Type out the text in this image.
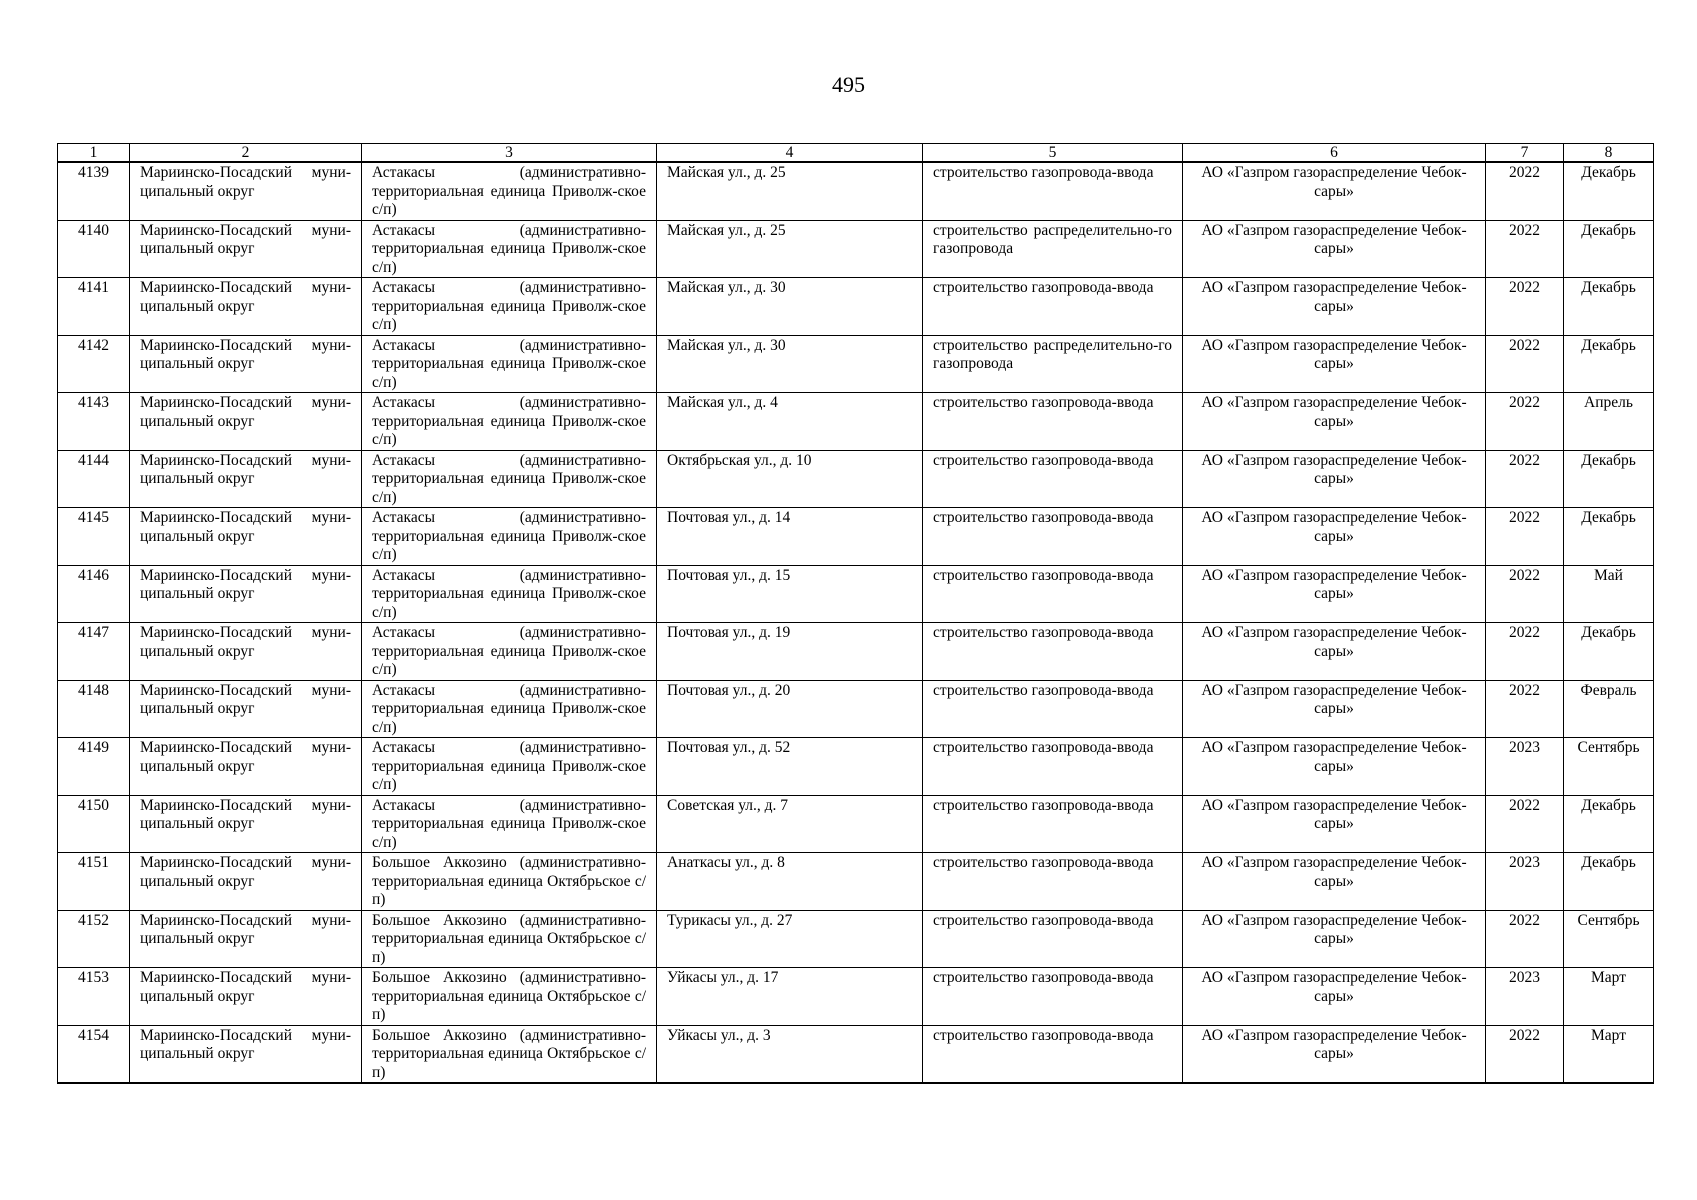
495
1	2	3	4	5	6	7	8
4139	Мариинско-Посадский муни-ципальный округ	Астакасы (административно-территориальная единица Приволж-ское с/п)	Майская ул., д. 25	строительство газопровода-ввода	АО «Газпром газораспределение Чебок-сары»	2022	Декабрь
4140	Мариинско-Посадский муни-ципальный округ	Астакасы (административно-территориальная единица Приволж-ское с/п)	Майская ул., д. 25	строительство распределительно-го газопровода	АО «Газпром газораспределение Чебок-сары»	2022	Декабрь
4141	Мариинско-Посадский муни-ципальный округ	Астакасы (административно-территориальная единица Приволж-ское с/п)	Майская ул., д. 30	строительство газопровода-ввода	АО «Газпром газораспределение Чебок-сары»	2022	Декабрь
4142	Мариинско-Посадский муни-ципальный округ	Астакасы (административно-территориальная единица Приволж-ское с/п)	Майская ул., д. 30	строительство распределительно-го газопровода	АО «Газпром газораспределение Чебок-сары»	2022	Декабрь
4143	Мариинско-Посадский муни-ципальный округ	Астакасы (административно-территориальная единица Приволж-ское с/п)	Майская ул., д. 4	строительство газопровода-ввода	АО «Газпром газораспределение Чебок-сары»	2022	Апрель
4144	Мариинско-Посадский муни-ципальный округ	Астакасы (административно-территориальная единица Приволж-ское с/п)	Октябрьская ул., д. 10	строительство газопровода-ввода	АО «Газпром газораспределение Чебок-сары»	2022	Декабрь
4145	Мариинско-Посадский муни-ципальный округ	Астакасы (административно-территориальная единица Приволж-ское с/п)	Почтовая ул., д. 14	строительство газопровода-ввода	АО «Газпром газораспределение Чебок-сары»	2022	Декабрь
4146	Мариинско-Посадский муни-ципальный округ	Астакасы (административно-территориальная единица Приволж-ское с/п)	Почтовая ул., д. 15	строительство газопровода-ввода	АО «Газпром газораспределение Чебок-сары»	2022	Май
4147	Мариинско-Посадский муни-ципальный округ	Астакасы (административно-территориальная единица Приволж-ское с/п)	Почтовая ул., д. 19	строительство газопровода-ввода	АО «Газпром газораспределение Чебок-сары»	2022	Декабрь
4148	Мариинско-Посадский муни-ципальный округ	Астакасы (административно-территориальная единица Приволж-ское с/п)	Почтовая ул., д. 20	строительство газопровода-ввода	АО «Газпром газораспределение Чебок-сары»	2022	Февраль
4149	Мариинско-Посадский муни-ципальный округ	Астакасы (административно-территориальная единица Приволж-ское с/п)	Почтовая ул., д. 52	строительство газопровода-ввода	АО «Газпром газораспределение Чебок-сары»	2023	Сентябрь
4150	Мариинско-Посадский муни-ципальный округ	Астакасы (административно-территориальная единица Приволж-ское с/п)	Советская ул., д. 7	строительство газопровода-ввода	АО «Газпром газораспределение Чебок-сары»	2022	Декабрь
4151	Мариинско-Посадский муни-ципальный округ	Большое Аккозино (административно-территориальная единица Октябрьское с/п)	Анаткасы ул., д. 8	строительство газопровода-ввода	АО «Газпром газораспределение Чебок-сары»	2023	Декабрь
4152	Мариинско-Посадский муни-ципальный округ	Большое Аккозино (административно-территориальная единица Октябрьское с/п)	Турикасы ул., д. 27	строительство газопровода-ввода	АО «Газпром газораспределение Чебок-сары»	2022	Сентябрь
4153	Мариинско-Посадский муни-ципальный округ	Большое Аккозино (административно-территориальная единица Октябрьское с/п)	Уйкасы ул., д. 17	строительство газопровода-ввода	АО «Газпром газораспределение Чебок-сары»	2023	Март
4154	Мариинско-Посадский муни-ципальный округ	Большое Аккозино (административно-территориальная единица Октябрьское с/п)	Уйкасы ул., д. 3	строительство газопровода-ввода	АО «Газпром газораспределение Чебок-сары»	2022	Март
